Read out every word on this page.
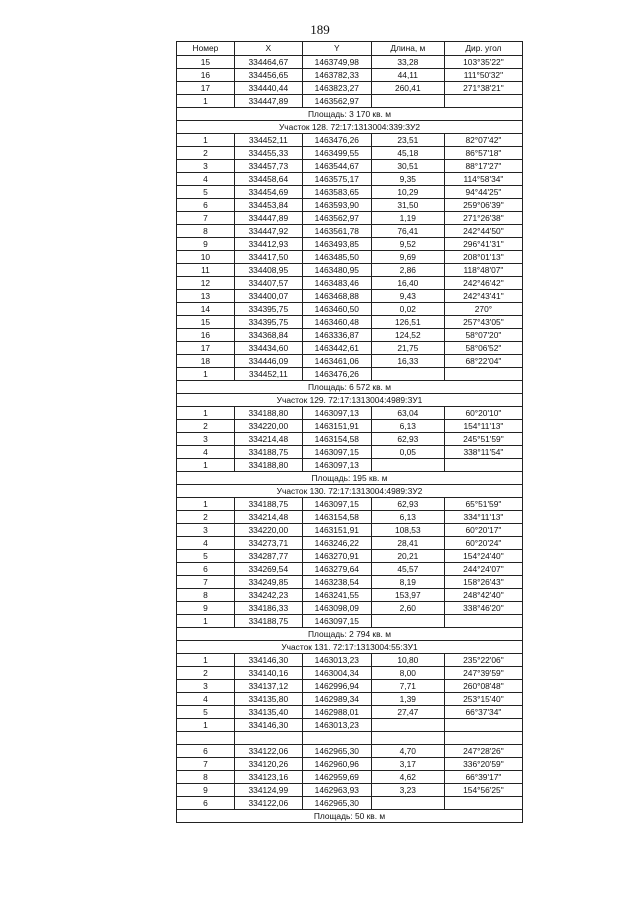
189
Номер	X	Y	Длина, м	Дир. угол
15	334464,67	1463749,98	33,28	103°35'22"
16	334456,65	1463782,33	44,11	111°50'32"
17	334440,44	1463823,27	260,41	271°38'21"
1	334447,89	1463562,97		
Площадь: 3 170 кв. м				
Участок 128. 72:17:1313004:339:ЗУ2				
1	334452,11	1463476,26	23,51	82°07'42"
2	334455,33	1463499,55	45,18	86°57'18"
3	334457,73	1463544,67	30,51	88°17'27"
4	334458,64	1463575,17	9,35	114°58'34"
5	334454,69	1463583,65	10,29	94°44'25"
6	334453,84	1463593,90	31,50	259°06'39"
7	334447,89	1463562,97	1,19	271°26'38"
8	334447,92	1463561,78	76,41	242°44'50"
9	334412,93	1463493,85	9,52	296°41'31"
10	334417,50	1463485,50	9,69	208°01'13"
11	334408,95	1463480,95	2,86	118°48'07"
12	334407,57	1463483,46	16,40	242°46'42"
13	334400,07	1463468,88	9,43	242°43'41"
14	334395,75	1463460,50	0,02	270°
15	334395,75	1463460,48	126,51	257°43'05"
16	334368,84	1463336,87	124,52	58°07'20"
17	334434,60	1463442,61	21,75	58°06'52"
18	334446,09	1463461,06	16,33	68°22'04"
1	334452,11	1463476,26		
Площадь: 6 572 кв. м				
Участок 129. 72:17:1313004:4989:ЗУ1				
1	334188,80	1463097,13	63,04	60°20'10"
2	334220,00	1463151,91	6,13	154°11'13"
3	334214,48	1463154,58	62,93	245°51'59"
4	334188,75	1463097,15	0,05	338°11'54"
1	334188,80	1463097,13		
Площадь: 195 кв. м				
Участок 130. 72:17:1313004:4989:ЗУ2				
1	334188,75	1463097,15	62,93	65°51'59"
2	334214,48	1463154,58	6,13	334°11'13"
3	334220,00	1463151,91	108,53	60°20'17"
4	334273,71	1463246,22	28,41	60°20'24"
5	334287,77	1463270,91	20,21	154°24'40"
6	334269,54	1463279,64	45,57	244°24'07"
7	334249,85	1463238,54	8,19	158°26'43"
8	334242,23	1463241,55	153,97	248°42'40"
9	334186,33	1463098,09	2,60	338°46'20"
1	334188,75	1463097,15		
Площадь: 2 794 кв. м				
Участок 131. 72:17:1313004:55:ЗУ1				
1	334146,30	1463013,23	10,80	235°22'06"
2	334140,16	1463004,34	8,00	247°39'59"
3	334137,12	1462996,94	7,71	260°08'48"
4	334135,80	1462989,34	1,39	253°15'40"
5	334135,40	1462988,01	27,47	66°37'34"
1	334146,30	1463013,23		

6	334122,06	1462965,30	4,70	247°28'26"
7	334120,26	1462960,96	3,17	336°20'59"
8	334123,16	1462959,69	4,62	66°39'17"
9	334124,99	1462963,93	3,23	154°56'25"
6	334122,06	1462965,30		
Площадь: 50 кв. м				
